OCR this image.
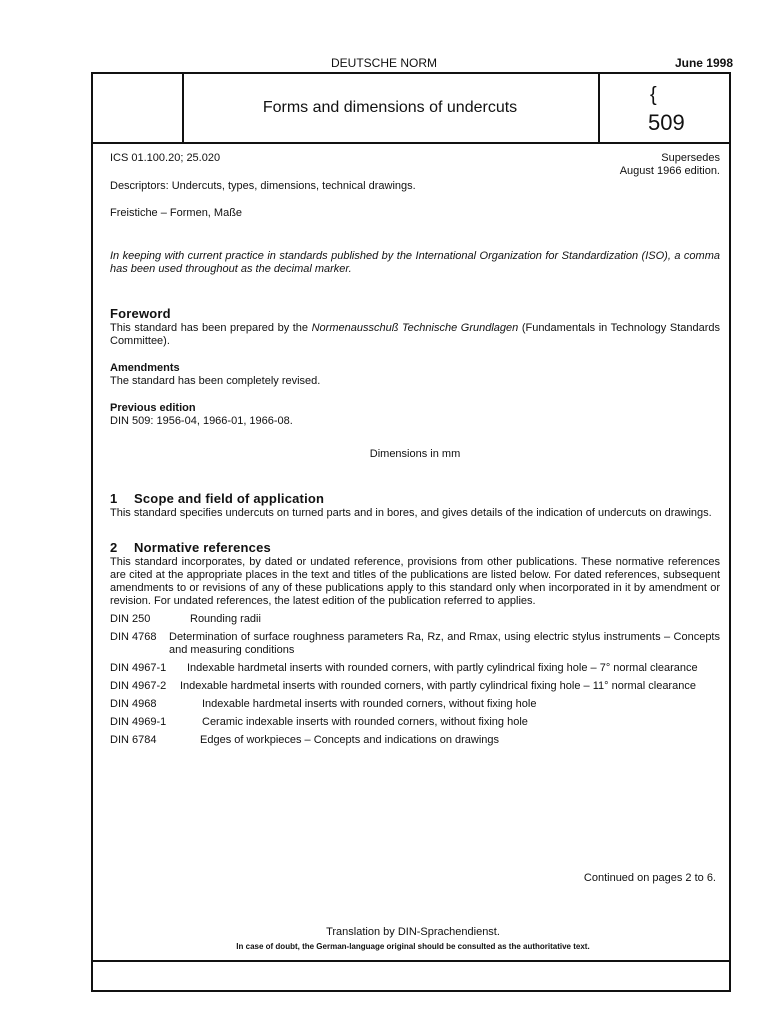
DEUTSCHE NORM	June 1998
Forms and dimensions of undercuts
{
509
ICS 01.100.20; 25.020	Supersedes
August 1966 edition.

Descriptors: Undercuts, types, dimensions, technical drawings.

Freistiche – Formen, Maße

In keeping with current practice in standards published by the International Organization for Standardization (ISO), a comma has been used throughout as the decimal marker.

Foreword

This standard has been prepared by the Normenausschuß Technische Grundlagen (Fundamentals in Technology Standards Committee).

Amendments

The standard has been completely revised.

Previous edition

DIN 509: 1956-04, 1966-01, 1966-08.

Dimensions in mm

1 Scope and field of application

This standard specifies undercuts on turned parts and in bores, and gives details of the indication of undercuts on drawings.

2 Normative references

This standard incorporates, by dated or undated reference, provisions from other publications. These normative references are cited at the appropriate places in the text and titles of the publications are listed below. For dated references, subsequent amendments to or revisions of any of these publications apply to this standard only when incorporated in it by amendment or revision. For undated references, the latest edition of the publication referred to applies.

DIN 250	Rounding radii
DIN 4768	Determination of surface roughness parameters Ra, Rz, and Rmax, using electric stylus instruments – Concepts and measuring conditions
DIN 4967-1	Indexable hardmetal inserts with rounded corners, with partly cylindrical fixing hole – 7° normal clearance
DIN 4967-2	Indexable hardmetal inserts with rounded corners, with partly cylindrical fixing hole – 11° normal clearance
DIN 4968	Indexable hardmetal inserts with rounded corners, without fixing hole
DIN 4969-1	Ceramic indexable inserts with rounded corners, without fixing hole
DIN 6784	Edges of workpieces – Concepts and indications on drawings
Continued on pages 2 to 6.
Translation by DIN-Sprachendienst.
In case of doubt, the German-language original should be consulted as the authoritative text.
